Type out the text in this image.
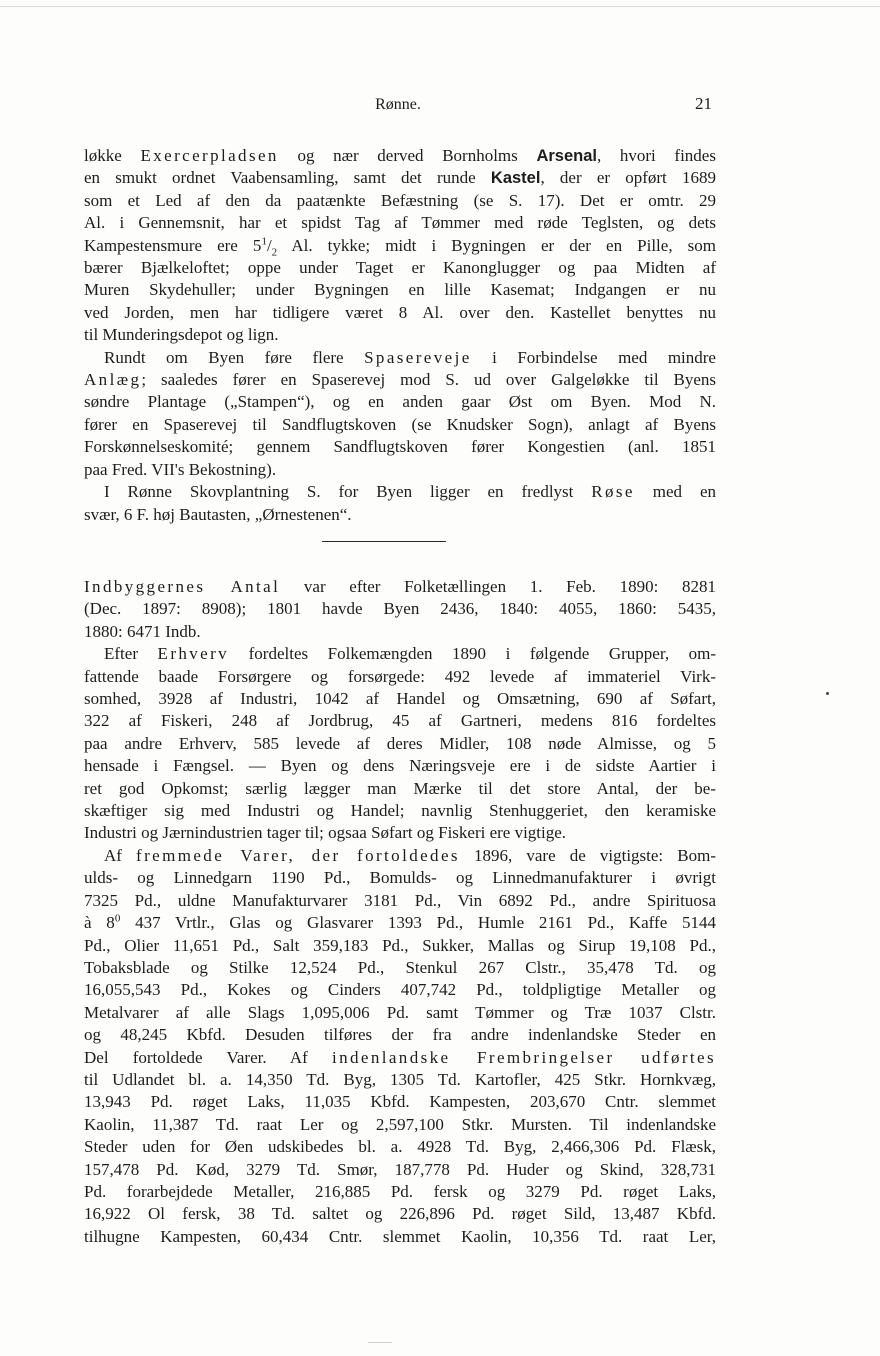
Rønne.	21

løkke Exercerpladsen og nær derved Bornholms Arsenal, hvori findes

en smukt ordnet Vaabensamling, samt det runde Kastel, der er opført 1689

som et Led af den da paatænkte Befæstning (se S. 17). Det er omtr. 29

Al. i Gennemsnit, har et spidst Tag af Tømmer med røde Teglsten, og dets

Kampestensmure ere $5^1/_2$ Al. tykke; midt i Bygningen er der en Pille, som

bærer Bjælkeloftet; oppe under Taget er Kanonglugger og paa Midten af

Muren Skydehuller; under Bygningen en lille Kasemat; Indgangen er nu

ved Jorden, men har tidligere været 8 Al. over den. Kastellet benyttes nu

til Munderingsdepot og lign.

Rundt om Byen føre flere Spasereveje i Forbindelse med mindre

Anlæg; saaledes fører en Spaserevej mod S. ud over Galgeløkke til Byens

søndre Plantage („Stampen“), og en anden gaar Øst om Byen. Mod N.

fører en Spaserevej til Sandflugtskoven (se Knudsker Sogn), anlagt af Byens

Forskønnelseskomité; gennem Sandflugtskoven fører Kongestien (anl. 1851

paa Fred. VII's Bekostning).

I Rønne Skovplantning S. for Byen ligger en fredlyst Røse med en

svær, 6 F. høj Bautasten, „Ørnestenen“.

Indbyggernes Antal var efter Folketællingen 1. Feb. 1890: 8281

(Dec. 1897: 8908); 1801 havde Byen 2436, 1840: 4055, 1860: 5435,

1880: 6471 Indb.

Efter Erhverv fordeltes Folkemængden 1890 i følgende Grupper, om-

fattende baade Forsørgere og forsørgede: 492 levede af immateriel Virk-

somhed, 3928 af Industri, 1042 af Handel og Omsætning, 690 af Søfart,

322 af Fiskeri, 248 af Jordbrug, 45 af Gartneri, medens 816 fordeltes

paa andre Erhverv, 585 levede af deres Midler, 108 nøde Almisse, og 5

hensade i Fængsel. — Byen og dens Næringsveje ere i de sidste Aartier i

ret god Opkomst; særlig lægger man Mærke til det store Antal, der be-

skæftiger sig med Industri og Handel; navnlig Stenhuggeriet, den keramiske

Industri og Jærnindustrien tager til; ogsaa Søfart og Fiskeri ere vigtige.

Af fremmede Varer, der fortoldedes 1896, vare de vigtigste: Bom-

ulds- og Linnedgarn 1190 Pd., Bomulds- og Linnedmanufakturer i øvrigt

7325 Pd., uldne Manufakturvarer 3181 Pd., Vin 6892 Pd., andre Spirituosa

à $8^0$ 437 Vrtlr., Glas og Glasvarer 1393 Pd., Humle 2161 Pd., Kaffe 5144

Pd., Olier 11,651 Pd., Salt 359,183 Pd., Sukker, Mallas og Sirup 19,108 Pd.,

Tobaksblade og Stilke 12,524 Pd., Stenkul 267 Clstr., 35,478 Td. og

16,055,543 Pd., Kokes og Cinders 407,742 Pd., toldpligtige Metaller og

Metalvarer af alle Slags 1,095,006 Pd. samt Tømmer og Træ 1037 Clstr.

og 48,245 Kbfd. Desuden tilføres der fra andre indenlandske Steder en

Del fortoldede Varer. Af indenlandske Frembringelser udførtes

til Udlandet bl. a. 14,350 Td. Byg, 1305 Td. Kartofler, 425 Stkr. Hornkvæg,

13,943 Pd. røget Laks, 11,035 Kbfd. Kampesten, 203,670 Cntr. slemmet

Kaolin, 11,387 Td. raat Ler og 2,597,100 Stkr. Mursten. Til indenlandske

Steder uden for Øen udskibedes bl. a. 4928 Td. Byg, 2,466,306 Pd. Flæsk,

157,478 Pd. Kød, 3279 Td. Smør, 187,778 Pd. Huder og Skind, 328,731

Pd. forarbejdede Metaller, 216,885 Pd. fersk og 3279 Pd. røget Laks,

16,922 Ol fersk, 38 Td. saltet og 226,896 Pd. røget Sild, 13,487 Kbfd.

tilhugne Kampesten, 60,434 Cntr. slemmet Kaolin, 10,356 Td. raat Ler,
